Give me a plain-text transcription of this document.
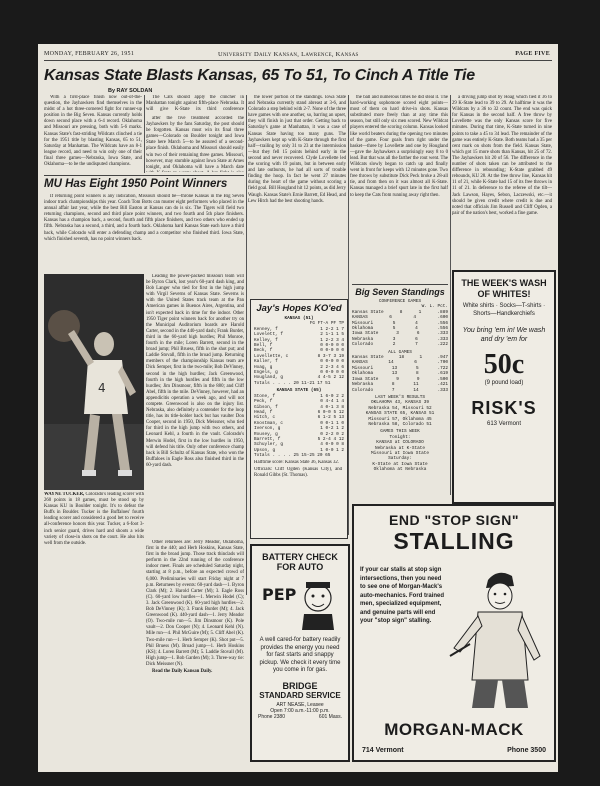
MONDAY, FEBRUARY 26, 1951	University Daily Kansan, Lawrence, Kansas	PAGE FIVE
Kansas State Blasts Kansas, 65 To 51, To Cinch A Title Tie
By RAY SOLDAN

With a first-place finish now out-of-the-question, the Jayhawkers find themselves in the midst of a hot three-cornered fight for runner-up position in the Big Seven. Kansas currently holds down second place with a 6-4 record. Oklahoma and Missouri are pressing, both with 5-6 marks. Kansas State's fast-striding Wildcats clinched a tie for the 1951 title by blasting Kansas, 65 to 51, Saturday at Manhattan. The Wildcats have an 8-1 league record, and need to win only one of their final three games—Nebraska, Iowa State, and Oklahoma—to be the undisputed champions.

The Cats should apply the clincher in Manhattan tonight against fifth-place Nebraska. It will give K-State its third conference

after the five treatment accorded the Jayhawkers by the fans Saturday, the post should be forgotten. Kansas must win its final three games—Colorado on Boulder tonight and Iowa State here March 5—to be assured of a second-place finish. Oklahoma and Missouri should easily win two of their remaining three games. Missouri, however, may stumble against Iowa State at Ames tonight, and Oklahoma will have a March date

the lower portion of the standings. Iowa State and Nebraska currently stand abreast at 3-6, and Colorado a step behind with 2-7. None of the three have games with one another, so, barring an upset, they will finish in just that order. Getting back to Saturday's game at Manhattan, it was a case of Kansas State having too many guns. The Jayhawkers kept up with K-State through the first half—trailing by only 31 to 23 at the intermission—but they fell 15 points behind early in the second and never recovered. Clyde Lovellette led the scoring with 19 points, but in between early and late outbursts, he had all sorts of trouble finding the hoop. In fact he went 27 minutes during the heart of the game without scoring a field goal. Bill Hougland hit 12 points, as did Jerry Waugh. Kansas State's Ernie Barrett, Ed Head, and Lew Hitch had the best shooting hands.

the ball and numerous times he did steal it. The hard-working sophomore scored eight points—most of them on hard drive-in shots. Kansas substituted more freely than at any time this season, but still only six men scored. New Wildcat players entered the scoring column. Kansas looked like world beaters during the opening two minutes of the game. Four goals from right under the basket—three by Lovellette and one by Hougland—gave the Jayhawkers a surprisingly easy 8 to 0 lead. But that was all the farther the rout went. The Wildcats slowly began to catch up and finally went in front for keeps with 12 minutes gone. Two free throws by substitute Dick Peck broke a 28-all tie, and from then on it was almost all K-State. Kansas managed a brief spurt late in the first half to keep the Cats from running away right then.

a driving jump shot by Hoag which tied it 36 to 29 K-State lead to 39 to 29. At halftime it was the Wildcats by a 36 to 32 count. The end was quick for Kansas in the second half. A free throw by Lovellette was the only Kansas score for five minutes. During that time, K-State turned in nine points to take a 45 to 34 lead. The remainder of the game was entirely K-State. Both teams had a 35 per cent mark on shots from the field. Kansas State, which got 15 more shots than Kansas, hit 25 of 72. The Jayhawkers hit 20 of 56. The difference in the number of shots taken can be attributed to the difference in rebounding; K-State grabbed 49 rebounds, KU 28. At the free throw line, Kansas hit 11 of 21, while K-State had 15 of its free throws in 11 of 21. In deference to the referee of the tilt—Jack Lawson, Hayes, Sebon, Laczewski, etc.—it should be given credit where credit is due and noted that officials Jim Russell and Cliff Ogden, a pair of the nation's best, worked a fine game.

MU Has Eight 1950 Point Winners

If returning point winners is any indication, Missouri should be—throne Kansas in the Big Seven indoor track championships this year. Coach Tom Botts can muster eight performers who placed in the annual affair last year, while the best Bill Easton at Kansas can do is six. The Tigers will field two returning champions, second and third place point winners, and two fourth and 5th place finishers. Kansas has a champion back, a second, fourth and fifth place finishers, and two others who ended up fifth. Nebraska has a second, a third, and a fourth back. Oklahoma hard Kansas State each have a third back, while Colorado will enter a defending champ and a competitor who finished third. Iowa State, which finished seventh, has no point winners back.

4

WAYNE TUCKER, Colorado's leading scorer with 260 points in 18 games, must be stood up by Kansas KU in Boulder tonight. It's to defeat the Buffs in Boulder. Tucker is the Buffaloes' fourth leading scorer and considered a good bet to receive all-conference honors this year. Tucker, a 6-foot 3-inch senior guard, drives hard and shoots a wide variety of close-in shots on the court. He also hits well from the outside.

Leading the power-packed missouri team will be Byron Clark, lost year's 60-yard dash king, and Bob Langer who tied for first in the high jump with Virgil Severns of Kansas State. Severns is with the United States track team at the Pan American games in Buenos Aires, Argentina, and isn't expected back in time for the indoor. Other 1950 Tiger point winners back for another try on the Municipal Auditorium boards are Harold Carter, second in the 440-yard dash; Frank Burdet, third in the 60-yard high hurdles; Phil Monroe, fourth in the mile; Loren Barrett, second in the broad jump; Phil Bruess, fifth in the shot put; and Laddie Stovall, fifth in the broad jump. Returning members of the championship Kansas team are Dick Semper, first in the two-mile; Bob DeVinney, second in the high hurdles; Jack Greenwood, fourth in the high hurdles and fifth in the low hurdles; Jim Dinsmoor, fifth in the 880; and Cliff Abel, fifth in the mile. DeVinney, however, had an appendicitis operation a week ago, and will not compete. Greenwood is also on the injury list. Nebraska, also definitely a contender for the loop title, has its title-holder back but has vaulter Don Cooper, second in 1950, Dick Meissner, who tied for third in the high jump with two others, and Leonard Kehl, a fourth in the vault. Colorado's Merwin Hodel, first in the low hurdles in 1950, will defend his title. Only other conference champ back is Bill Schultz of Kansas State, who won the Buffaloes in Eagle Ross also finished third in the 60-yard dash.

Jay's Hopes KO'ed
KANSAS (51)
FG FT-A PF TP
Kenney, f	1 2-2 1 7
Lovelett, f	2 1-1 1 5
Kelley, f	1 2-2 3 4
Bell, f	0 0-0 0 0
Beck, f	0 0-0 0 0
Lovellette, c	8 3-7 3 19
Kaller, f	0 0-0 0 0
Hoag, g	2 2-3 4 6
Engels, g	0 0-0 0 0
Hougland, g	4 4-5 2 12
Totals . . . . 20 11-21 17 51
KANSAS STATE (65)
Stone, f	1 6-0 2 2
Peck, f	0 4-4 1 4
Gibson, f	4 0-1 3 8
Head, f	6 0-0 5 12
Hitch, c	6 1-2 5 13
Knostman, c	0 0-1 1 0
Iverson, g	1 0-2 1 2
Rousey, g	0 2-2 0 2
Barrett, f	5 2-4 4 12
Schuyler, g	4 0-0 0 8
Upson, g	1 0-0 1 2
Totals . . . . 25 15-25 20 65

Halftime score: Kansas State 36, Kansas 32.

Officials: Cliff Ogden (Kansas City), and Ronald Gibbs (St. Thomas).

Other returnees are: Jerry Meador, Oklahoma, first in the 440; and Herb Hoskins, Kansas State, first in the broad jump. Those track thinclads will perform in the 22nd running of the conference indoor meet. Finals are scheduled Saturday night, starting at 8 p.m., before an expected crowd of 6,000. Preliminaries will start Friday night at 7 p.m. Returnees by events: 60-yard dash—1. Byron Clark (M); 2. Harold Carter (M); 3. Eagle Ross (C). 60-yard low hurdles—1. Merwin Hodel (C); 3. Jack Greenwood (K). 60-yard high hurdles—2. Bob DeVinney (K); 3. Frank Burdet (M); 4. Jack Greenwood (K). 440-yard dash—1. Jerry Meador (O). Two-mile run—5. Jim Dinsmoor (K). Pole vault—2. Don Cooper (N); 4. Leonard Kehl (N). Mile run—4. Phil McGuire (M); 5. Cliff Abel (K). Two-mile run—1. Herb Semper (K). Shot put—5. Phil Bruess (M). Broad jump—1. Herb Hoskins (KS); 4. Loren Barrett (M); 5. Laddie Stovall (M). High jump—1. Bob Garden (M); 3. Three-way tie: Dick Meissner (N).

Read the Daily Kansan Daily.

Big Seven Standings
CONFERENCE GAMES
W. L. Pct.
Kansas State	8	1	.889
KANSAS	6	4	.600
Missouri	5	4	.556
Oklahoma	5	4	.556
Iowa State	3	6	.333
Nebraska	3	6	.333
Colorado	2	7	.222
ALL GAMES
Kansas State	18	1	.947
KANSAS	14	6	.700
Missouri	13	5	.722
Oklahoma	13	8	.619
Iowa State	9	9	.500
Nebraska	8	11	.421
Colorado	7	14	.333
LAST WEEK'S RESULTS
OKLAHOMA 43, KANSAS 39
Nebraska 54, Missouri 52
KANSAS STATE 65, KANSAS 51
Missouri 57, Oklahoma 45
Nebraska 58, Colorado 51
GAMES THIS WEEK
Tonight:
KANSAS at COLORADO
Nebraska at K-State
Missouri at Iowa State
Saturday:
K-State at Iowa State
Oklahoma at Nebraska
THE WEEK'S WASH OF WHITES!
White shirts · Socks—T-shirts · Shorts—Handkerchiefs
You bring 'em in! We wash and dry 'em for
50c
(9 pound load)
RISK'S
613 Vermont
BATTERY CHECK FOR AUTO
PEP
A well cared-for battery readily provides the energy you need for fast starts and snappy pickup. We check it every time you come in for gas.
BRIDGE
STANDARD SERVICE
ART NEASE, Leasee
Open 7:00 a.m.-11:00 p.m.
Phone 2380	601 Mass.
END "STOP SIGN"
STALLING
If your car stalls at stop sign intersections, then you need to see one of Morgan-Mack's auto-mechanics. Ford trained men, specialized equipment, and genuine parts will end your "stop sign" stalling.
MORGAN-MACK
714 Vermont	Phone 3500
